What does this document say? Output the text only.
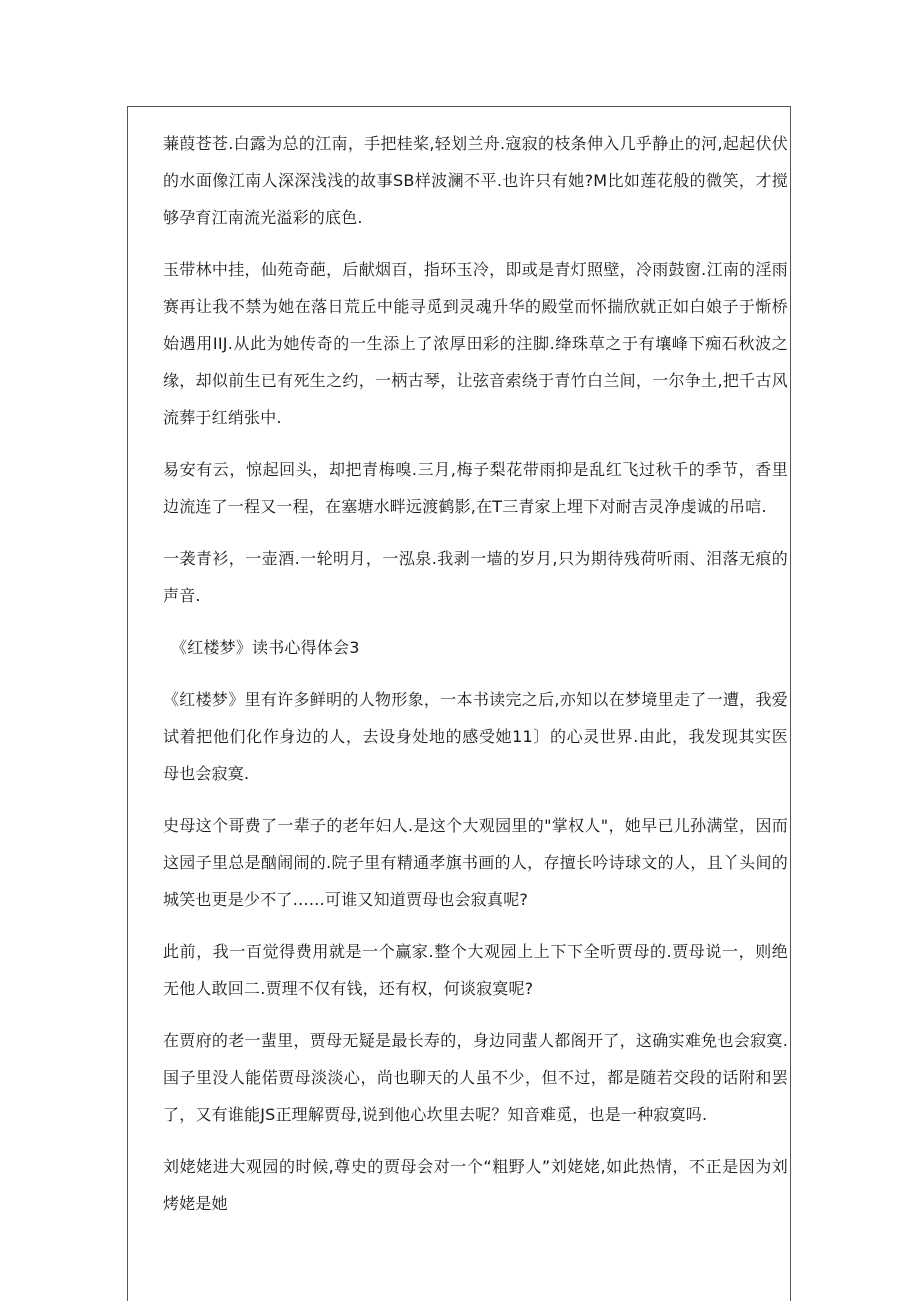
蒹葭苍苍.白露为总的江南，手把桂桨,轻划兰舟.寇寂的枝条伸入几乎静止的河,起起伏伏的水面像江南人深深浅浅的故事SB样波澜不平.也许只有她?M比如莲花般的微笑，才搅够孕育江南流光溢彩的底色.

玉带林中挂，仙苑奇葩，后献烟百，指环玉冷，即或是青灯照壁，冷雨鼓窗.江南的淫雨赛再让我不禁为她在落日荒丘中能寻觅到灵魂升华的殿堂而怀揣欣就正如白娘子于惭桥始遇用IIJ.从此为她传奇的一生添上了浓厚田彩的注脚.绛珠草之于有壤峰下痴石秋波之缘，却似前生已有死生之约，一柄古琴，让弦音索绕于青竹白兰间，一尔争土,把千古风流葬于红绡张中.

易安有云，惊起回头，却把青梅嗅.三月,梅子梨花带雨抑是乱红飞过秋千的季节，香里边流连了一程又一程，在塞塘水畔远渡鹤影,在T三青家上埋下对耐吉灵净虔诚的吊唁.

一袭青衫，一壶酒.一轮明月，一泓泉.我剥一墙的岁月,只为期待残荷听雨、泪落无痕的声音.

《红楼梦》读书心得体会3

《红楼梦》里有许多鲜明的人物形象，一本书读完之后,亦知以在梦境里走了一遭，我爱试着把他们化作身边的人，去设身处地的感受她11〕的心灵世界.由此，我发现其实医母也会寂寞.

史母这个哥费了一辈子的老年妇人.是这个大观园里的"掌权人"，她早已儿孙满堂，因而这园子里总是酗闹闹的.院子里有精通孝旗书画的人，存擅长吟诗球文的人，且丫头间的城笑也更是少不了……可谁又知道贾母也会寂真呢?

此前，我一百觉得费用就是一个赢家.整个大观园上上下下全听贾母的.贾母说一，则绝无他人敢回二.贾理不仅有钱，还有权，何谈寂寞呢?

在贾府的老一蜚里，贾母无疑是最长寿的，身边同蜚人都阁开了，这确实难免也会寂寞.国子里没人能偌贾母淡淡心，尚也聊天的人虽不少，但不过，都是随若交段的话附和罢了，又有谁能JS正理解贾母,说到他心坎里去呢？知音难觅，也是一种寂寞吗.

刘姥姥进大观园的时候,尊史的贾母会对一个“粗野人”刘姥姥,如此热情，不正是因为刘烤姥是她
